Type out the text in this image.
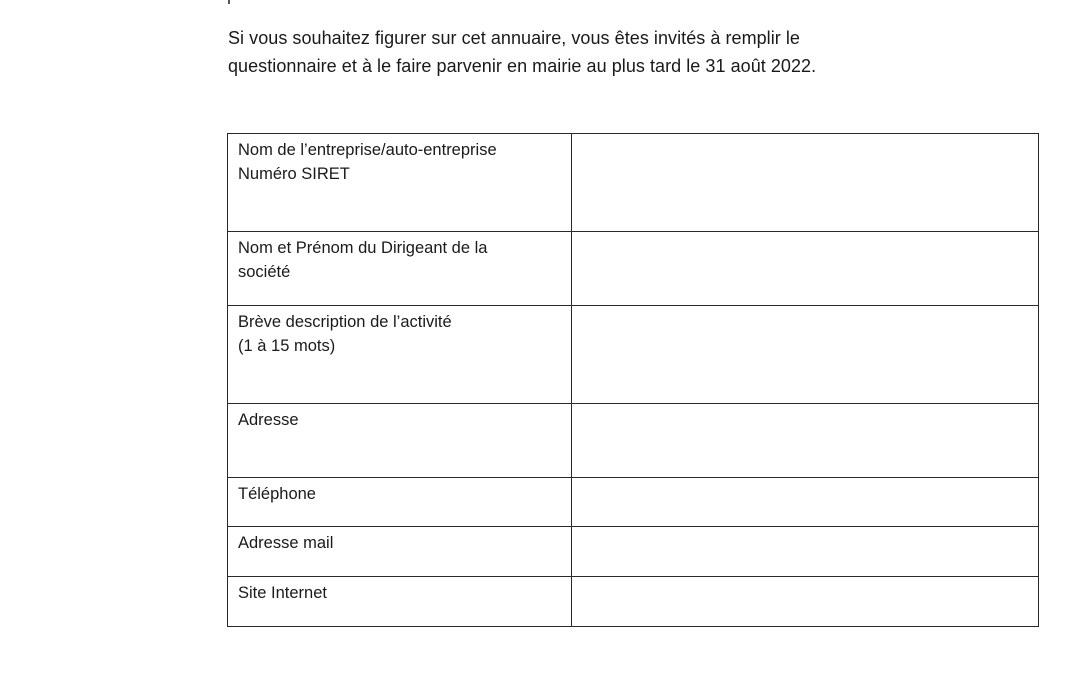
Si vous souhaitez figurer sur cet annuaire, vous êtes invités à remplir le

questionnaire et à le faire parvenir en mairie au plus tard le 31 août 2022.

Nom de l’entreprise/auto-entreprise
Numéro SIRET	

Nom et Prénom du Dirigeant de la
société	

Brève description de l’activité
(1 à 15 mots)	

Adresse	

Téléphone	

Adresse mail	

Site Internet	
